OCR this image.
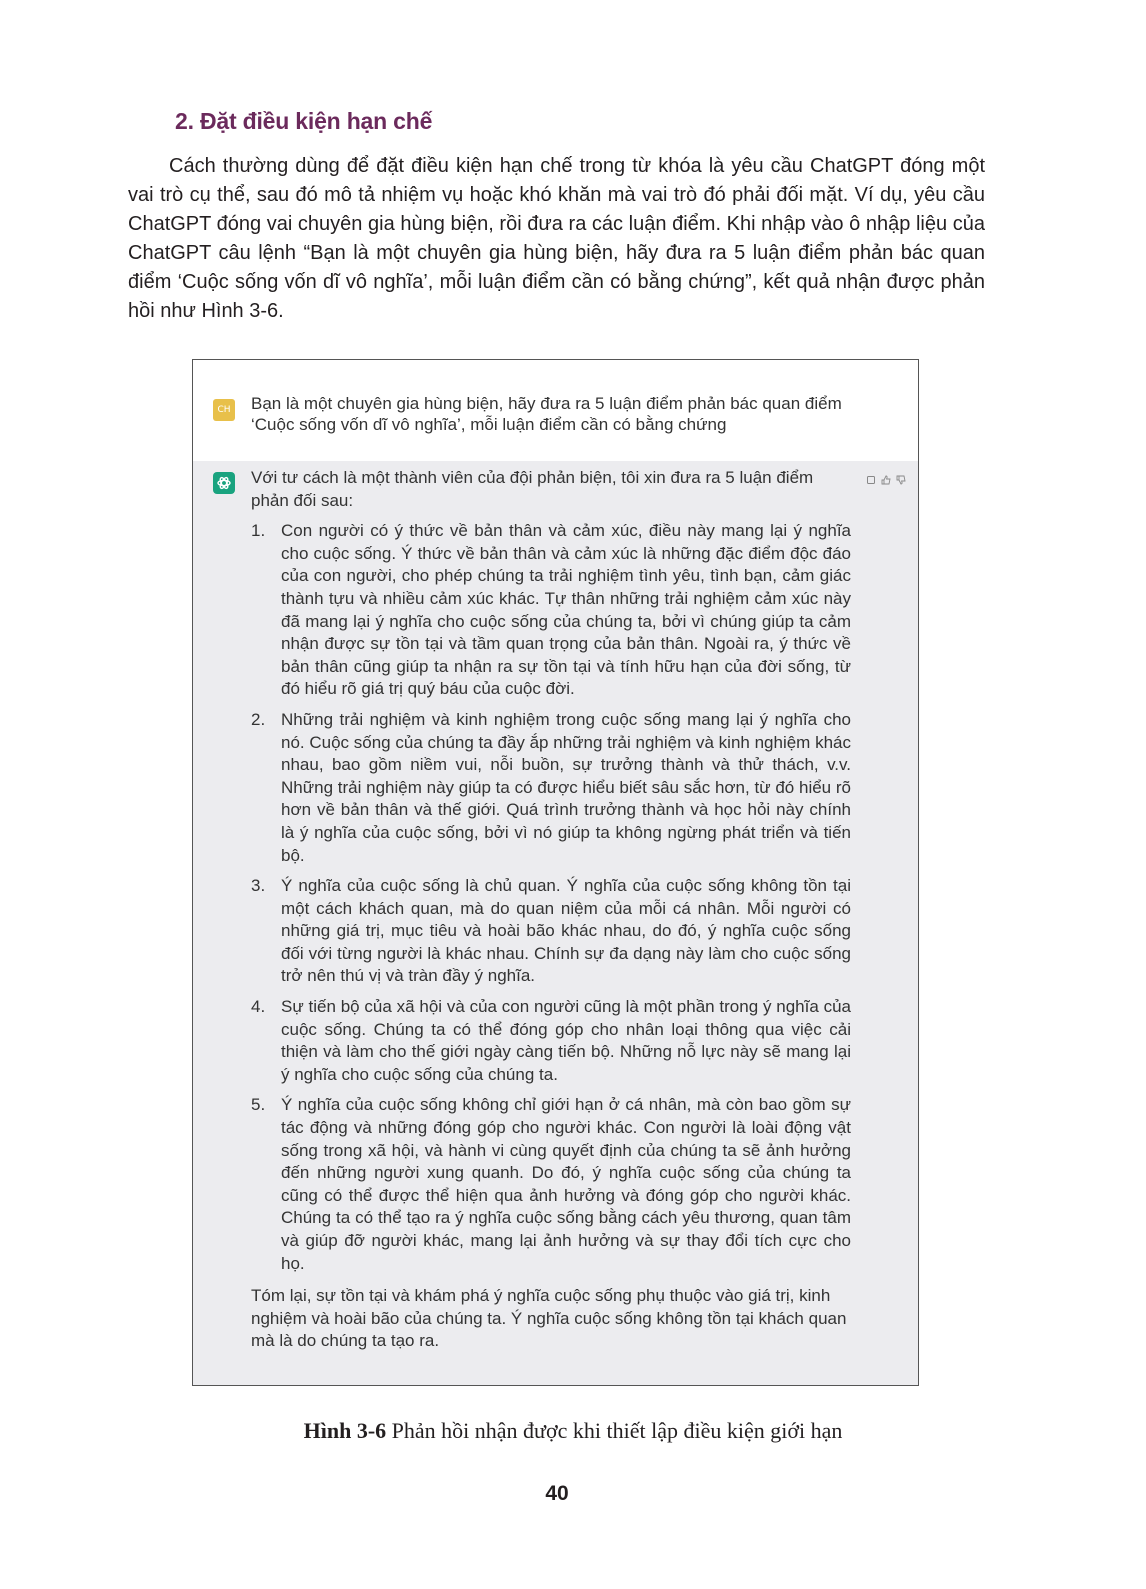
2. Đặt điều kiện hạn chế

Cách thường dùng để đặt điều kiện hạn chế trong từ khóa là yêu cầu ChatGPT đóng một vai trò cụ thể, sau đó mô tả nhiệm vụ hoặc khó khăn mà vai trò đó phải đối mặt. Ví dụ, yêu cầu ChatGPT đóng vai chuyên gia hùng biện, rồi đưa ra các luận điểm. Khi nhập vào ô nhập liệu của ChatGPT câu lệnh “Bạn là một chuyên gia hùng biện, hãy đưa ra 5 luận điểm phản bác quan điểm ‘Cuộc sống vốn dĩ vô nghĩa’, mỗi luận điểm cần có bằng chứng”, kết quả nhận được phản hồi như Hình 3-6.

CH Bạn là một chuyên gia hùng biện, hãy đưa ra 5 luận điểm phản bác quan điểm ‘Cuộc sống vốn dĩ vô nghĩa’, mỗi luận điểm cần có bằng chứng

Với tư cách là một thành viên của đội phản biện, tôi xin đưa ra 5 luận điểm phản đối sau:

1. Con người có ý thức về bản thân và cảm xúc, điều này mang lại ý nghĩa cho cuộc sống. Ý thức về bản thân và cảm xúc là những đặc điểm độc đáo của con người, cho phép chúng ta trải nghiệm tình yêu, tình bạn, cảm giác thành tựu và nhiều cảm xúc khác. Tự thân những trải nghiệm cảm xúc này đã mang lại ý nghĩa cho cuộc sống của chúng ta, bởi vì chúng giúp ta cảm nhận được sự tồn tại và tầm quan trọng của bản thân. Ngoài ra, ý thức về bản thân cũng giúp ta nhận ra sự tồn tại và tính hữu hạn của đời sống, từ đó hiểu rõ giá trị quý báu của cuộc đời.
2. Những trải nghiệm và kinh nghiệm trong cuộc sống mang lại ý nghĩa cho nó. Cuộc sống của chúng ta đầy ắp những trải nghiệm và kinh nghiệm khác nhau, bao gồm niềm vui, nỗi buồn, sự trưởng thành và thử thách, v.v. Những trải nghiệm này giúp ta có được hiểu biết sâu sắc hơn, từ đó hiểu rõ hơn về bản thân và thế giới. Quá trình trưởng thành và học hỏi này chính là ý nghĩa của cuộc sống, bởi vì nó giúp ta không ngừng phát triển và tiến bộ.
3. Ý nghĩa của cuộc sống là chủ quan. Ý nghĩa của cuộc sống không tồn tại một cách khách quan, mà do quan niệm của mỗi cá nhân. Mỗi người có những giá trị, mục tiêu và hoài bão khác nhau, do đó, ý nghĩa cuộc sống đối với từng người là khác nhau. Chính sự đa dạng này làm cho cuộc sống trở nên thú vị và tràn đầy ý nghĩa.
4. Sự tiến bộ của xã hội và của con người cũng là một phần trong ý nghĩa của cuộc sống. Chúng ta có thể đóng góp cho nhân loại thông qua việc cải thiện và làm cho thế giới ngày càng tiến bộ. Những nỗ lực này sẽ mang lại ý nghĩa cho cuộc sống của chúng ta.
5. Ý nghĩa của cuộc sống không chỉ giới hạn ở cá nhân, mà còn bao gồm sự tác động và những đóng góp cho người khác. Con người là loài động vật sống trong xã hội, và hành vi cùng quyết định của chúng ta sẽ ảnh hưởng đến những người xung quanh. Do đó, ý nghĩa cuộc sống của chúng ta cũng có thể được thể hiện qua ảnh hưởng và đóng góp cho người khác. Chúng ta có thể tạo ra ý nghĩa cuộc sống bằng cách yêu thương, quan tâm và giúp đỡ người khác, mang lại ảnh hưởng và sự thay đổi tích cực cho họ.

Tóm lại, sự tồn tại và khám phá ý nghĩa cuộc sống phụ thuộc vào giá trị, kinh nghiệm và hoài bão của chúng ta. Ý nghĩa cuộc sống không tồn tại khách quan mà là do chúng ta tạo ra.

Hình 3-6 Phản hồi nhận được khi thiết lập điều kiện giới hạn

40
